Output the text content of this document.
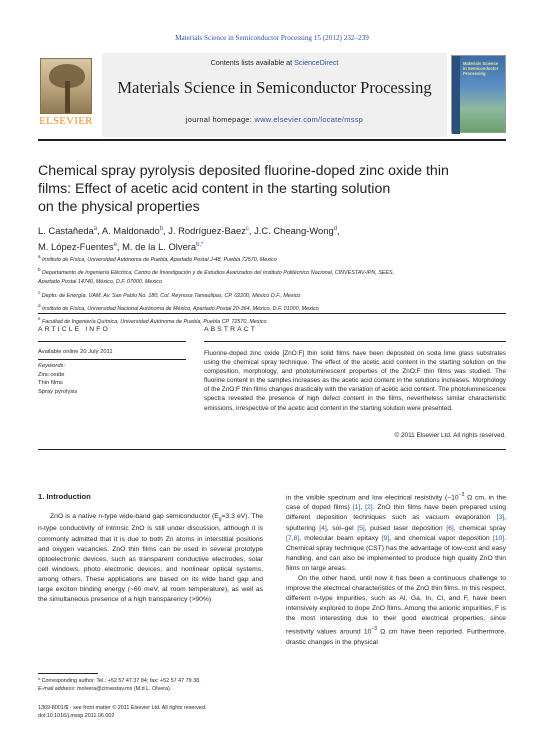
Materials Science in Semiconductor Processing 15 (2012) 232–239
ELSEVIER
Contents lists available at ScienceDirect
Materials Science in Semiconductor Processing
journal homepage: www.elsevier.com/locate/mssp
Materials Science in Semiconductor Processing
Chemical spray pyrolysis deposited fluorine-doped zinc oxide thin
films: Effect of acetic acid content in the starting solution
on the physical properties
L. Castañeda$^a$, A. Maldonado$^b$, J. Rodríguez-Baez$^c$, J.C. Cheang-Wong$^d$,
M. López-Fuentes$^e$, M. de la L. Olvera$^{b,*}$
$^a$ Instituto de Física, Universidad Autónoma de Puebla, Apartado Postal J-48, Puebla 72570, Mexico
$^b$ Departamento de Ingeniería Eléctrica, Centro de Investigación y de Estudios Avanzados del Instituto Politécnico Nacional, CINVESTAV-IPN, SEES,
Apartado Postal 14740, México, D.F. 07000, Mexico
$^c$ Depto. de Energía, UAM, Av. San Pablo No. 180, Col. Reynosa Tamaulipas, CP. 02200, México D.F., Mexico
$^d$ Instituto de Física, Universidad Nacional Autónoma de México, Apartado Postal 20-364, México, D.F. 01000, Mexico
$^e$ Facultad de Ingeniería Química, Universidad Autónoma de Puebla, Puebla CP. 72570, Mexico
ARTICLE INFO	ABSTRACT
Available online 20 July 2011
Keywords:
Zinc oxide
Thin films
Spray pyrolysis
Fluorine-doped zinc oxide [ZnO:F] thin solid films have been deposited on soda lime glass substrates using the chemical spray technique. The effect of the acetic acid content in the starting solution on the composition, morphology, and photoluminescent properties of the ZnO:F thin films was studied. The fluorine content in the samples increases as the acetic acid content in the solutions increases. Morphology of the ZnO:F thin films changes drastically with the variation of acetic acid content. The photoluminescence spectra revealed the presence of high defect content in the films, nevertheless similar characteristic emissions, irrespective of the acetic acid content in the starting solution were presented.
© 2011 Elsevier Ltd. All rights reserved.
1. Introduction

ZnO is a native n-type wide-band gap semiconductor ($E_g=3.3$ eV). The n-type conductivity of intrinsic ZnO is still under discussion, although it is commonly admitted that it is due to both Zn atoms in interstitial positions and oxygen vacancies. ZnO thin films can be used in several prototype optoelectronic devices, such as transparent conductive electrodes, solar cell windows, photo electronic devices, and nonlinear optical systems, among others. These applications are based on its wide band gap and large exciton binding energy (~60 meV, at room temperature), as well as the simultaneous presence of a high transparency (>90%)

in the visible spectrum and low electrical resistivity ($\sim 10^{-3}$ Ω cm, in the case of doped films) [1], [2]. ZnO thin films have been prepared using different deposition techniques such as vacuum evaporation [3], sputtering [4], sol–gel [5], pulsed laser deposition [6], chemical spray [7,8], molecular beam epitaxy [9], and chemical vapor deposition [10]. Chemical spray technique (CST) has the advantage of low-cost and easy handling, and can also be implemented to produce high quality ZnO thin films on large areas.

On the other hand, until now it has been a continuous challenge to improve the electrical characteristics of the ZnO thin films. In this respect, different n-type impurities, such as Al, Ga, In, Cl, and F, have been intensively explored to dope ZnO films. Among the anionic impurities, F is the most interesting due to their good electrical properties, since resistivity values around $10^{-3}$ Ω cm have been reported. Furthermore, drastic changes in the physical

* Corresponding author. Tel.: +52 57 47 37 84; fax: +52 57 47 79 38.
E-mail address: molvera@cinvestav.mx (M.d.L. Olvera).
1369-8001/$ - see front matter © 2011 Elsevier Ltd. All rights reserved.
doi:10.1016/j.mssp.2011.06.002
